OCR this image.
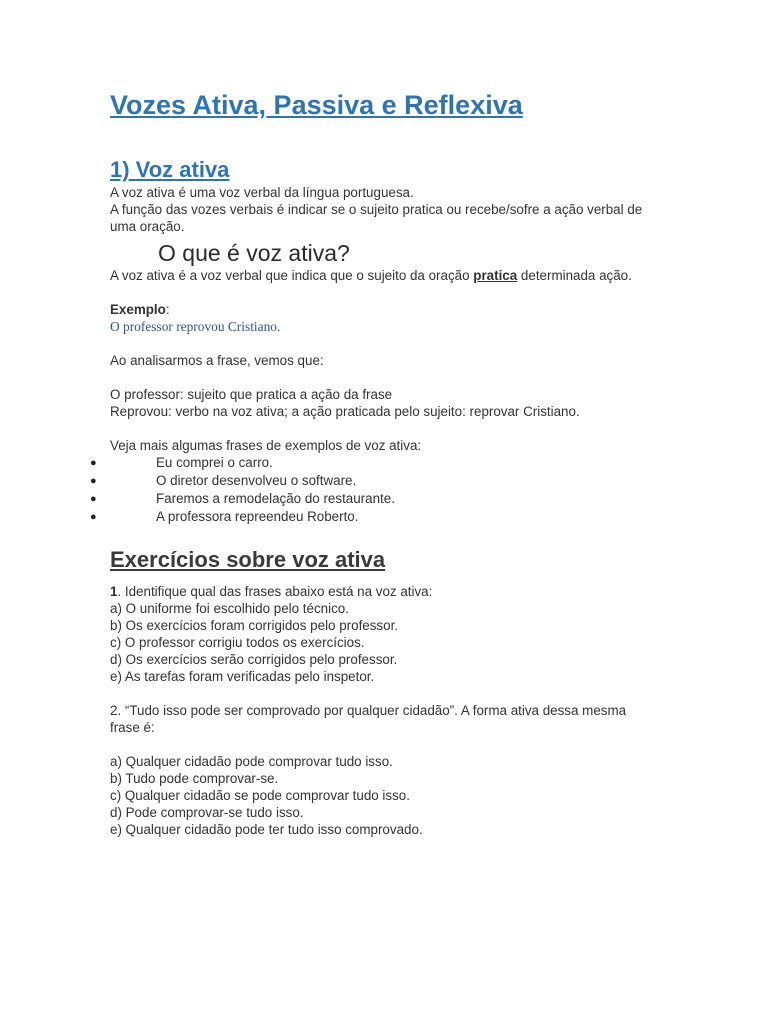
Vozes Ativa, Passiva e Reflexiva
1) Voz ativa

A voz ativa é uma voz verbal da língua portuguesa.

A função das vozes verbais é indicar se o sujeito pratica ou recebe/sofre a ação verbal de uma oração.

O que é voz ativa?

A voz ativa é a voz verbal que indica que o sujeito da oração pratica determinada ação.

Exemplo:

O professor reprovou Cristiano.

Ao analisarmos a frase, vemos que:

O professor: sujeito que pratica a ação da frase

Reprovou: verbo na voz ativa; a ação praticada pelo sujeito: reprovar Cristiano.

Veja mais algumas frases de exemplos de voz ativa:

●	Eu comprei o carro.
●	O diretor desenvolveu o software.
●	Faremos a remodelação do restaurante.
●	A professora repreendeu Roberto.
Exercícios sobre voz ativa

1. Identifique qual das frases abaixo está na voz ativa:

a) O uniforme foi escolhido pelo técnico.

b) Os exercícios foram corrigidos pelo professor.

c) O professor corrigiu todos os exercícios.

d) Os exercícios serão corrigidos pelo professor.

e) As tarefas foram verificadas pelo inspetor.

2. “Tudo isso pode ser comprovado por qualquer cidadão”. A forma ativa dessa mesma frase é:

a) Qualquer cidadão pode comprovar tudo isso.

b) Tudo pode comprovar-se.

c) Qualquer cidadão se pode comprovar tudo isso.

d) Pode comprovar-se tudo isso.

e) Qualquer cidadão pode ter tudo isso comprovado.
